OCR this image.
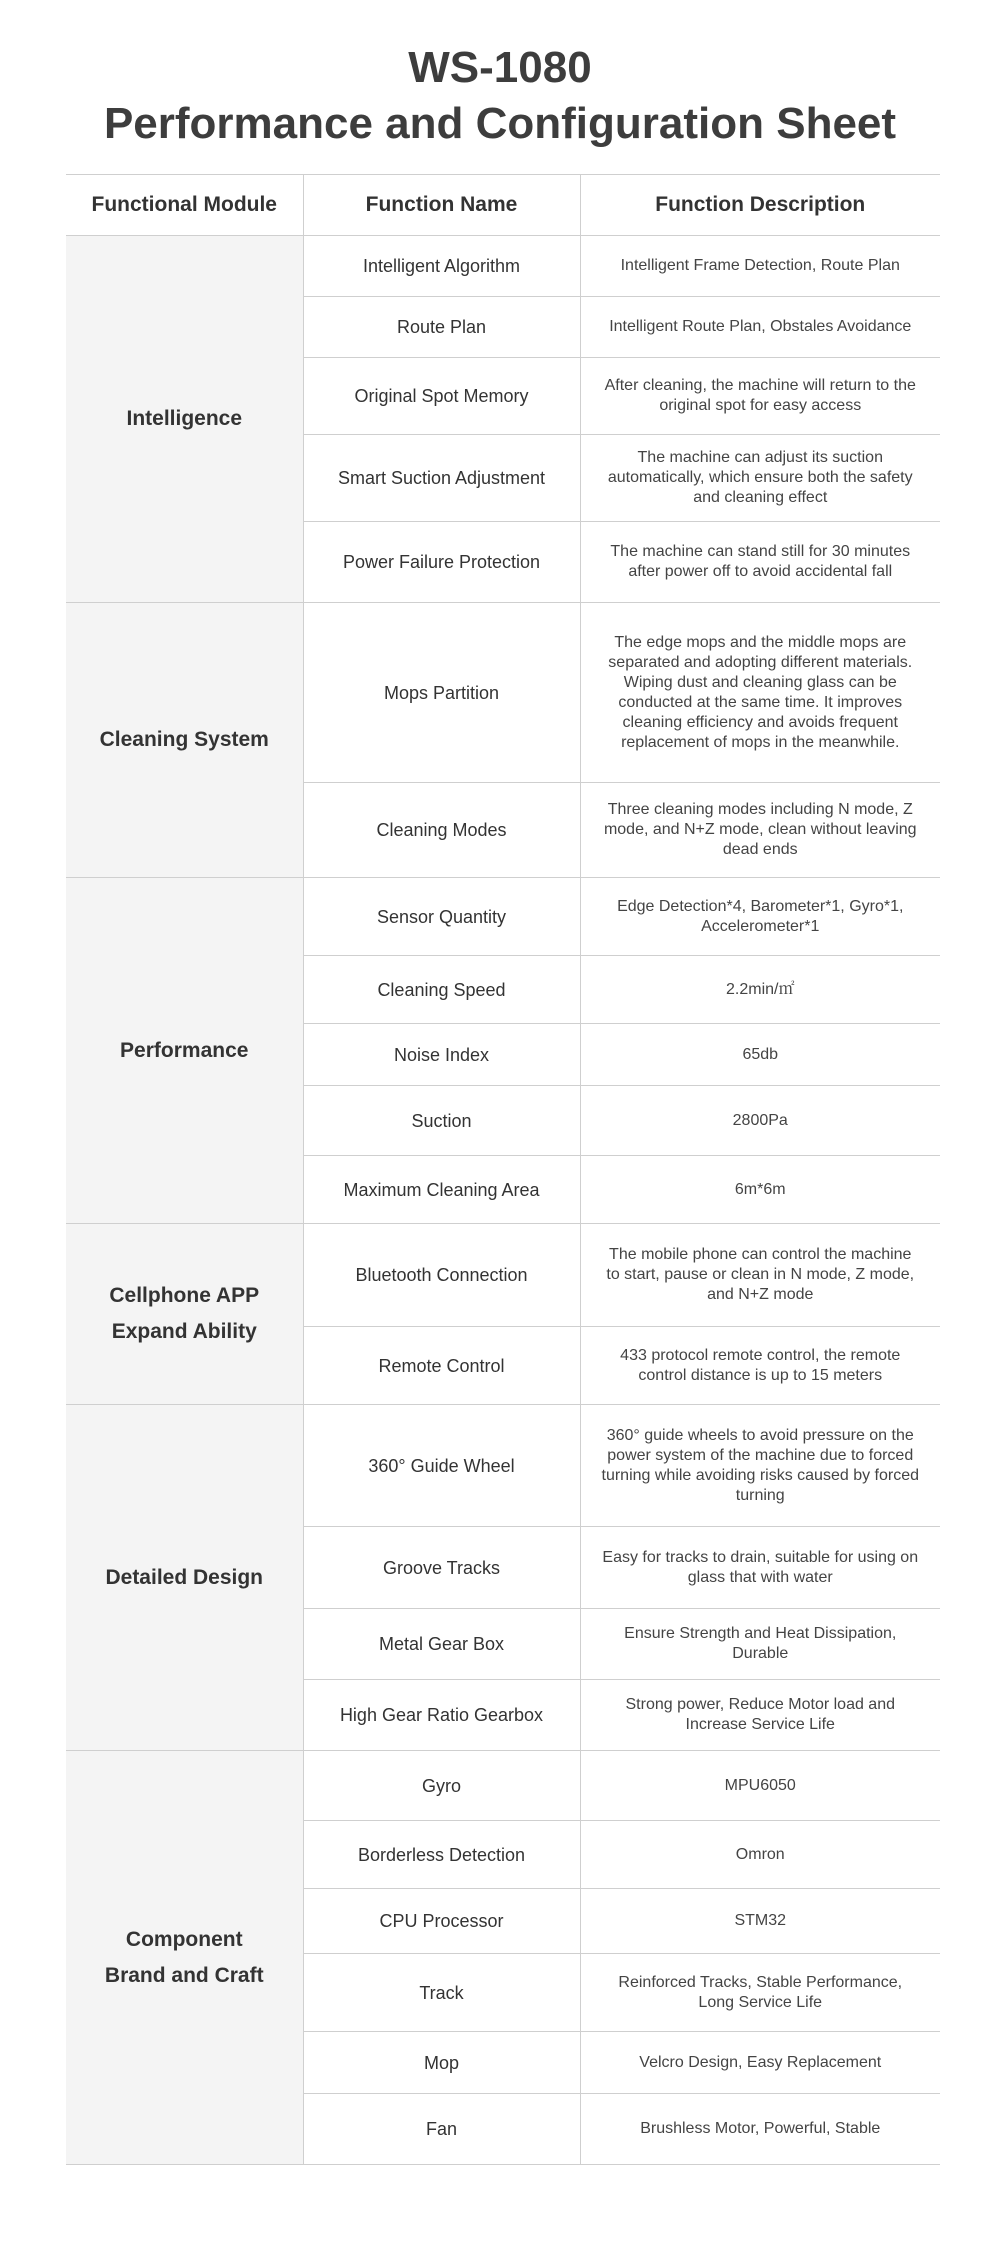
WS-1080
Performance and Configuration Sheet
Functional Module	Function Name	Function Description

Intelligence	Intelligent Algorithm	Intelligent Frame Detection, Route Plan
	Route Plan	Intelligent Route Plan, Obstales Avoidance
	Original Spot Memory	After cleaning, the machine will return to the original spot for easy access
	Smart Suction Adjustment	The machine can adjust its suction automatically, which ensure both the safety and cleaning effect
	Power Failure Protection	The machine can stand still for 30 minutes after power off to avoid accidental fall

Cleaning System	Mops Partition	The edge mops and the middle mops are separated and adopting different materials. Wiping dust and cleaning glass can be conducted at the same time. It improves cleaning efficiency and avoids frequent replacement of mops in the meanwhile.
	Cleaning Modes	Three cleaning modes including N mode, Z mode, and N+Z mode, clean without leaving dead ends

Performance	Sensor Quantity	Edge Detection*4, Barometer*1, Gyro*1, Accelerometer*1
	Cleaning Speed	2.2min/㎡
	Noise Index	65db
	Suction	2800Pa
	Maximum Cleaning Area	6m*6m

Cellphone APP
Expand Ability	Bluetooth Connection	The mobile phone can control the machine to start, pause or clean in N mode, Z mode, and N+Z mode
	Remote Control	433 protocol remote control, the remote control distance is up to 15 meters

Detailed Design	360° Guide Wheel	360° guide wheels to avoid pressure on the power system of the machine due to forced turning while avoiding risks caused by forced turning
	Groove Tracks	Easy for tracks to drain, suitable for using on glass that with water
	Metal Gear Box	Ensure Strength and Heat Dissipation, Durable
	High Gear Ratio Gearbox	Strong power, Reduce Motor load and Increase Service Life

Component
Brand and Craft	Gyro	MPU6050
	Borderless Detection	Omron
	CPU Processor	STM32
	Track	Reinforced Tracks, Stable Performance, Long Service Life
	Mop	Velcro Design, Easy Replacement
	Fan	Brushless Motor, Powerful, Stable
